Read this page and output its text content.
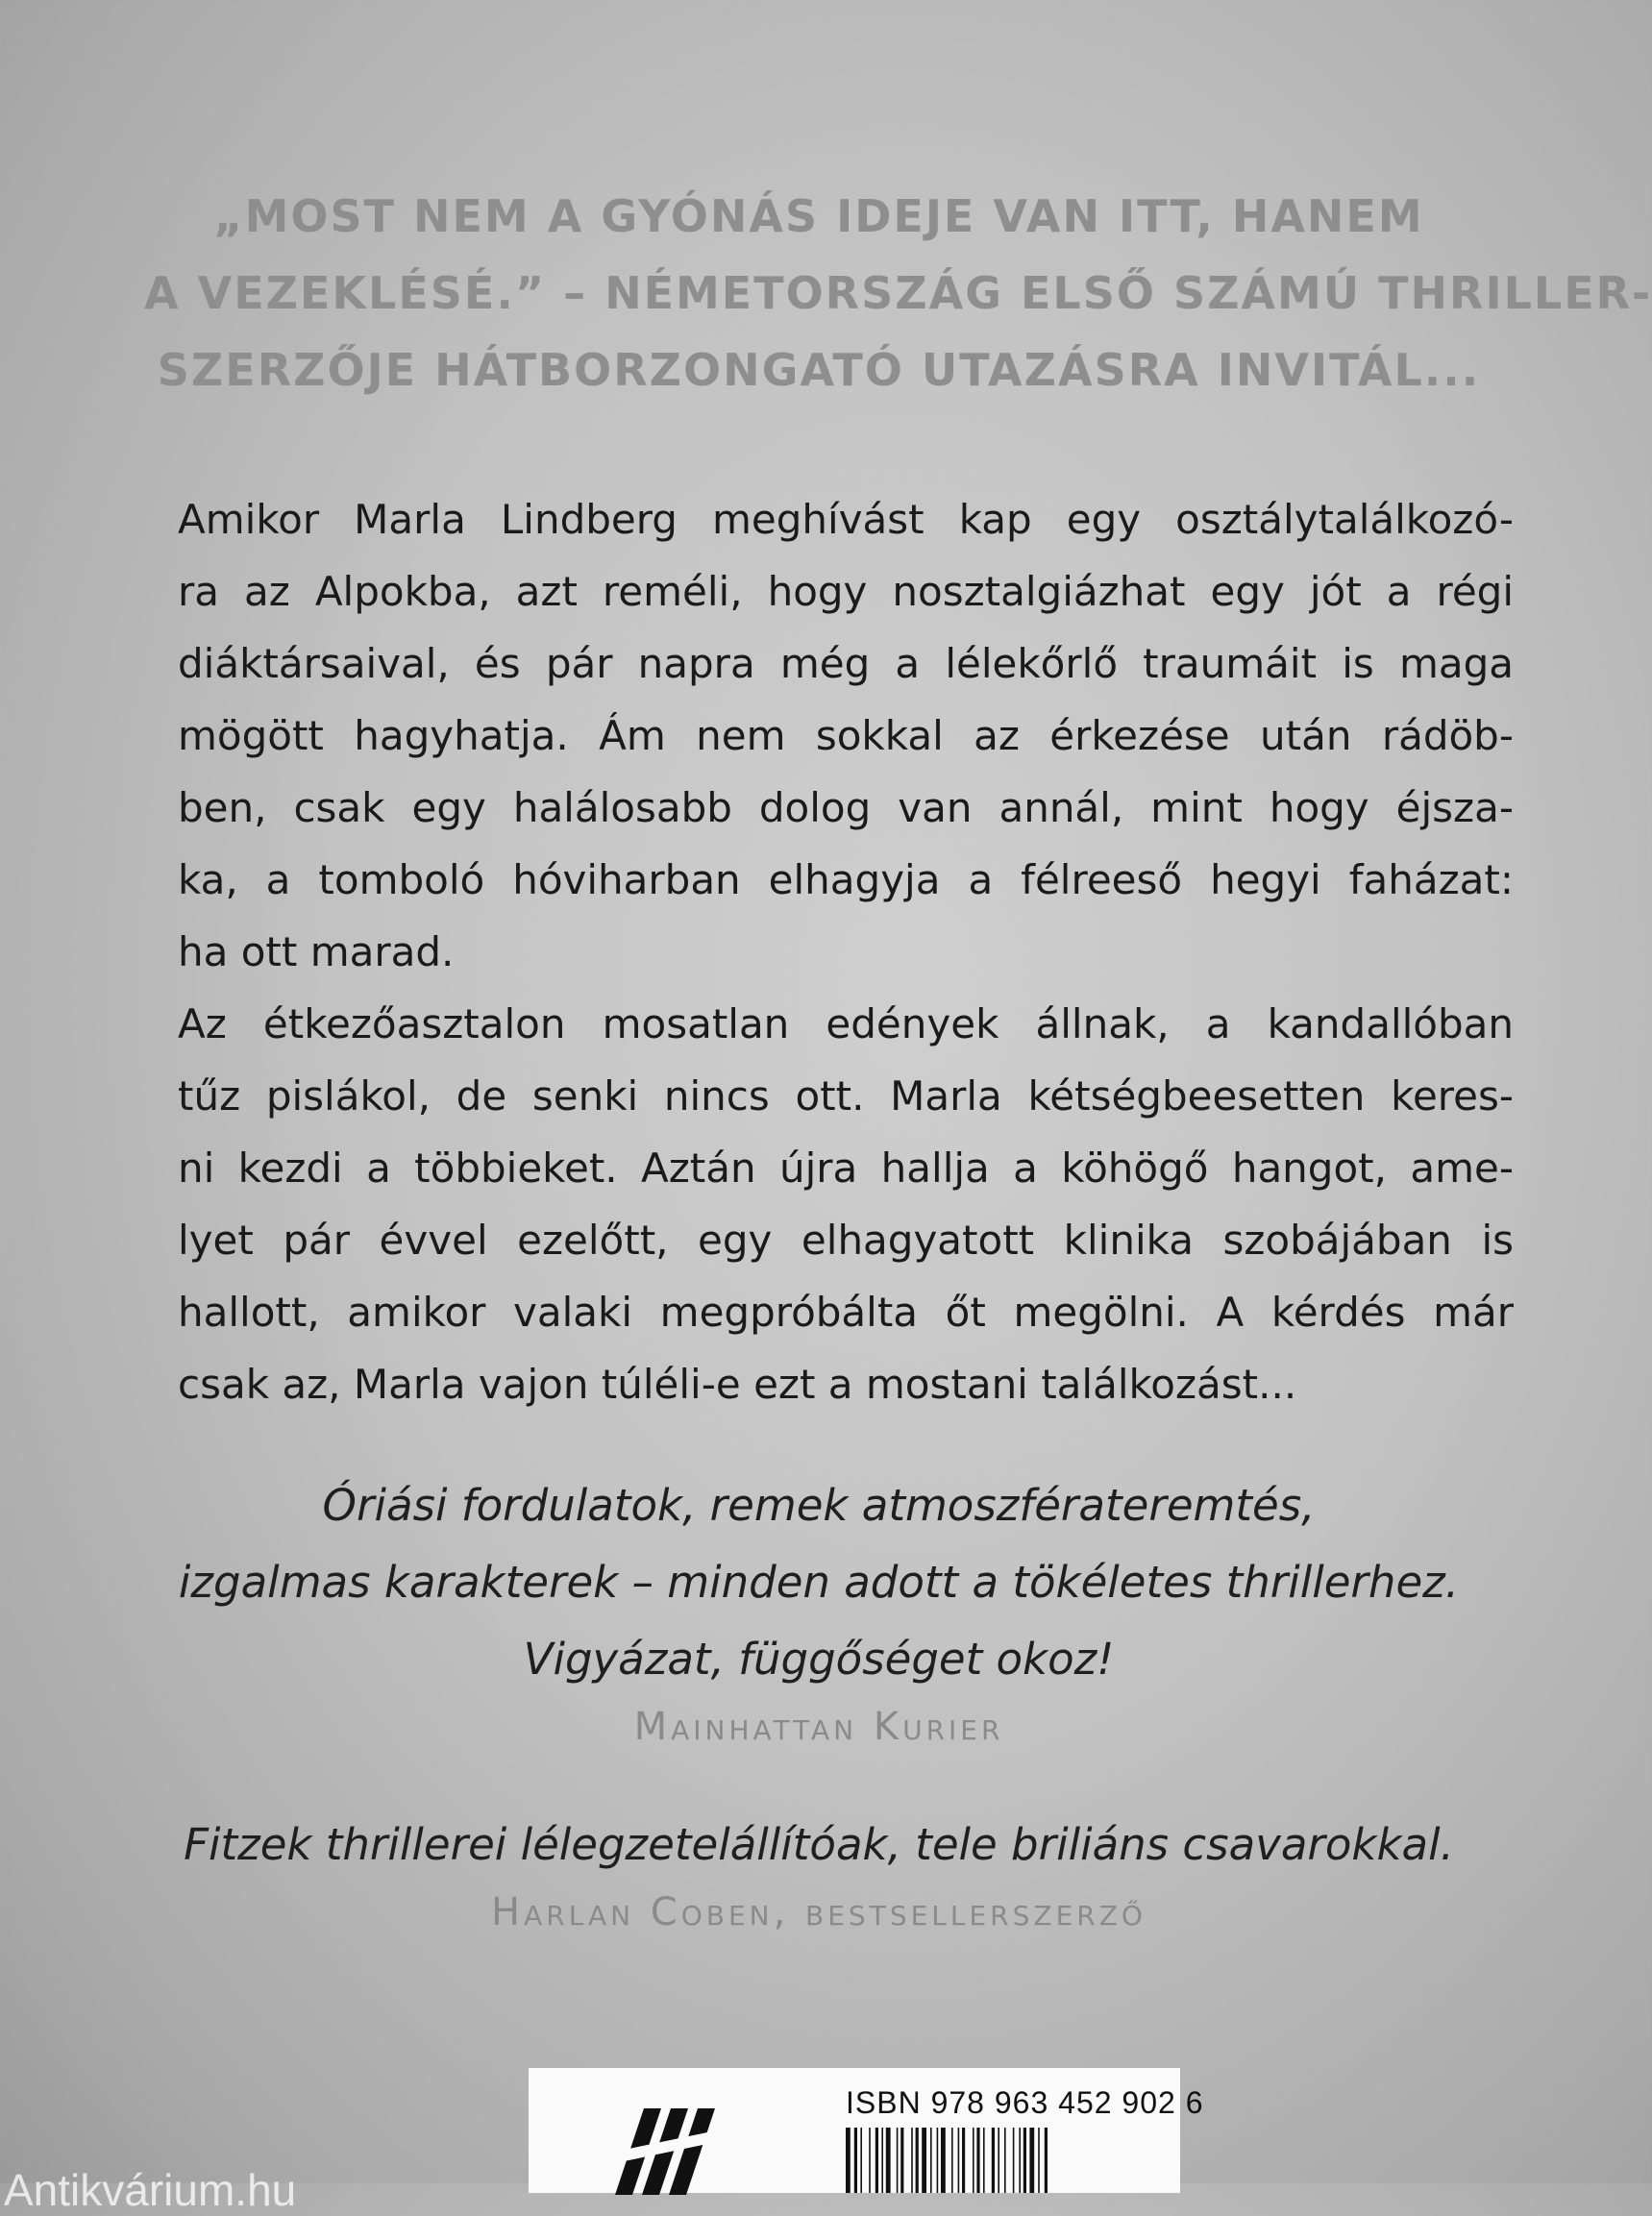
„MOST NEM A GYÓNÁS IDEJE VAN ITT, HANEM
A VEZEKLÉSÉ.” – NÉMETORSZÁG ELSŐ SZÁMÚ THRILLER-
SZERZŐJE HÁTBORZONGATÓ UTAZÁSRA INVITÁL...
Amikor Marla Lindberg meghívást kap egy osztálytalálkozó-
ra az Alpokba, azt reméli, hogy nosztalgiázhat egy jót a régi
diáktársaival, és pár napra még a lélekőrlő traumáit is maga
mögött hagyhatja. Ám nem sokkal az érkezése után rádöb-
ben, csak egy halálosabb dolog van annál, mint hogy éjsza-
ka, a tomboló hóviharban elhagyja a félreeső hegyi faházat:
ha ott marad.
Az étkezőasztalon mosatlan edények állnak, a kandallóban
tűz pislákol, de senki nincs ott. Marla kétségbeesetten keres-
ni kezdi a többieket. Aztán újra hallja a köhögő hangot, ame-
lyet pár évvel ezelőtt, egy elhagyatott klinika szobájában is
hallott, amikor valaki megpróbálta őt megölni. A kérdés már
csak az, Marla vajon túléli-e ezt a mostani találkozást...
Óriási fordulatok, remek atmoszférateremtés,
izgalmas karakterek – minden adott a tökéletes thrillerhez.
Vigyázat, függőséget okoz!
Mainhattan Kurier
Fitzek thrillerei lélegzetelállítóak, tele briliáns csavarokkal.
Harlan Coben, bestsellerszerző
ISBN 978 963 452 902 6
Antikvárium.hu
